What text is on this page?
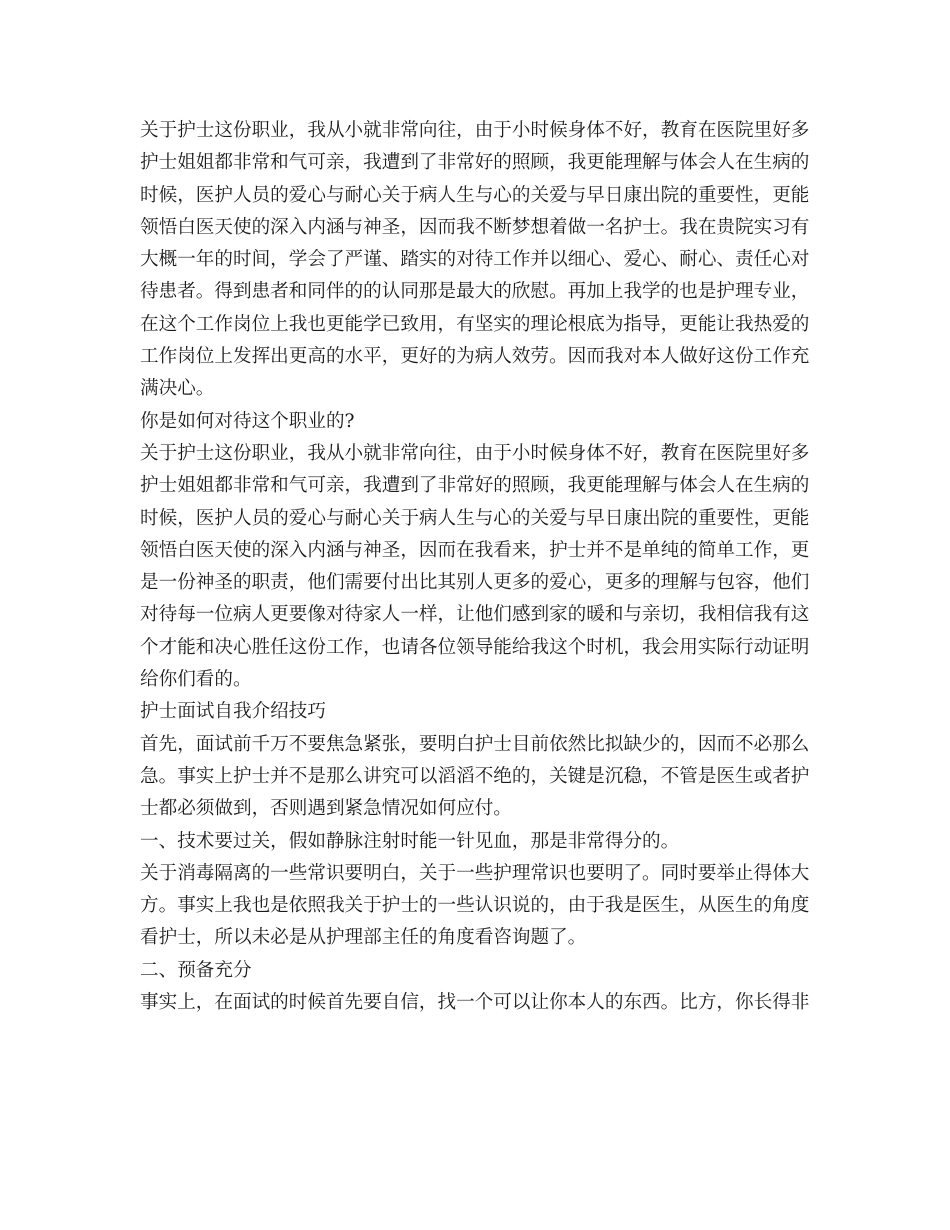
关于护士这份职业，我从小就非常向往，由于小时候身体不好，教育在医院里好多
护士姐姐都非常和气可亲，我遭到了非常好的照顾，我更能理解与体会人在生病的
时候，医护人员的爱心与耐心关于病人生与心的关爱与早日康出院的重要性，更能
领悟白医天使的深入内涵与神圣，因而我不断梦想着做一名护士。我在贵院实习有
大概一年的时间，学会了严谨、踏实的对待工作并以细心、爱心、耐心、责任心对
待患者。得到患者和同伴的的认同那是最大的欣慰。再加上我学的也是护理专业，
在这个工作岗位上我也更能学已致用，有坚实的理论根底为指导，更能让我热爱的
工作岗位上发挥出更高的水平，更好的为病人效劳。因而我对本人做好这份工作充
满决心。
你是如何对待这个职业的?
关于护士这份职业，我从小就非常向往，由于小时候身体不好，教育在医院里好多
护士姐姐都非常和气可亲，我遭到了非常好的照顾，我更能理解与体会人在生病的
时候，医护人员的爱心与耐心关于病人生与心的关爱与早日康出院的重要性，更能
领悟白医天使的深入内涵与神圣，因而在我看来，护士并不是单纯的简单工作，更
是一份神圣的职责，他们需要付出比其别人更多的爱心，更多的理解与包容，他们
对待每一位病人更要像对待家人一样，让他们感到家的暖和与亲切，我相信我有这
个才能和决心胜任这份工作，也请各位领导能给我这个时机，我会用实际行动证明
给你们看的。
护士面试自我介绍技巧
首先，面试前千万不要焦急紧张，要明白护士目前依然比拟缺少的，因而不必那么
急。事实上护士并不是那么讲究可以滔滔不绝的，关键是沉稳，不管是医生或者护
士都必须做到，否则遇到紧急情况如何应付。
一、技术要过关，假如静脉注射时能一针见血，那是非常得分的。
关于消毒隔离的一些常识要明白，关于一些护理常识也要明了。同时要举止得体大
方。事实上我也是依照我关于护士的一些认识说的，由于我是医生，从医生的角度
看护士，所以未必是从护理部主任的角度看咨询题了。
二、预备充分
事实上，在面试的时候首先要自信，找一个可以让你本人的东西。比方，你长得非
